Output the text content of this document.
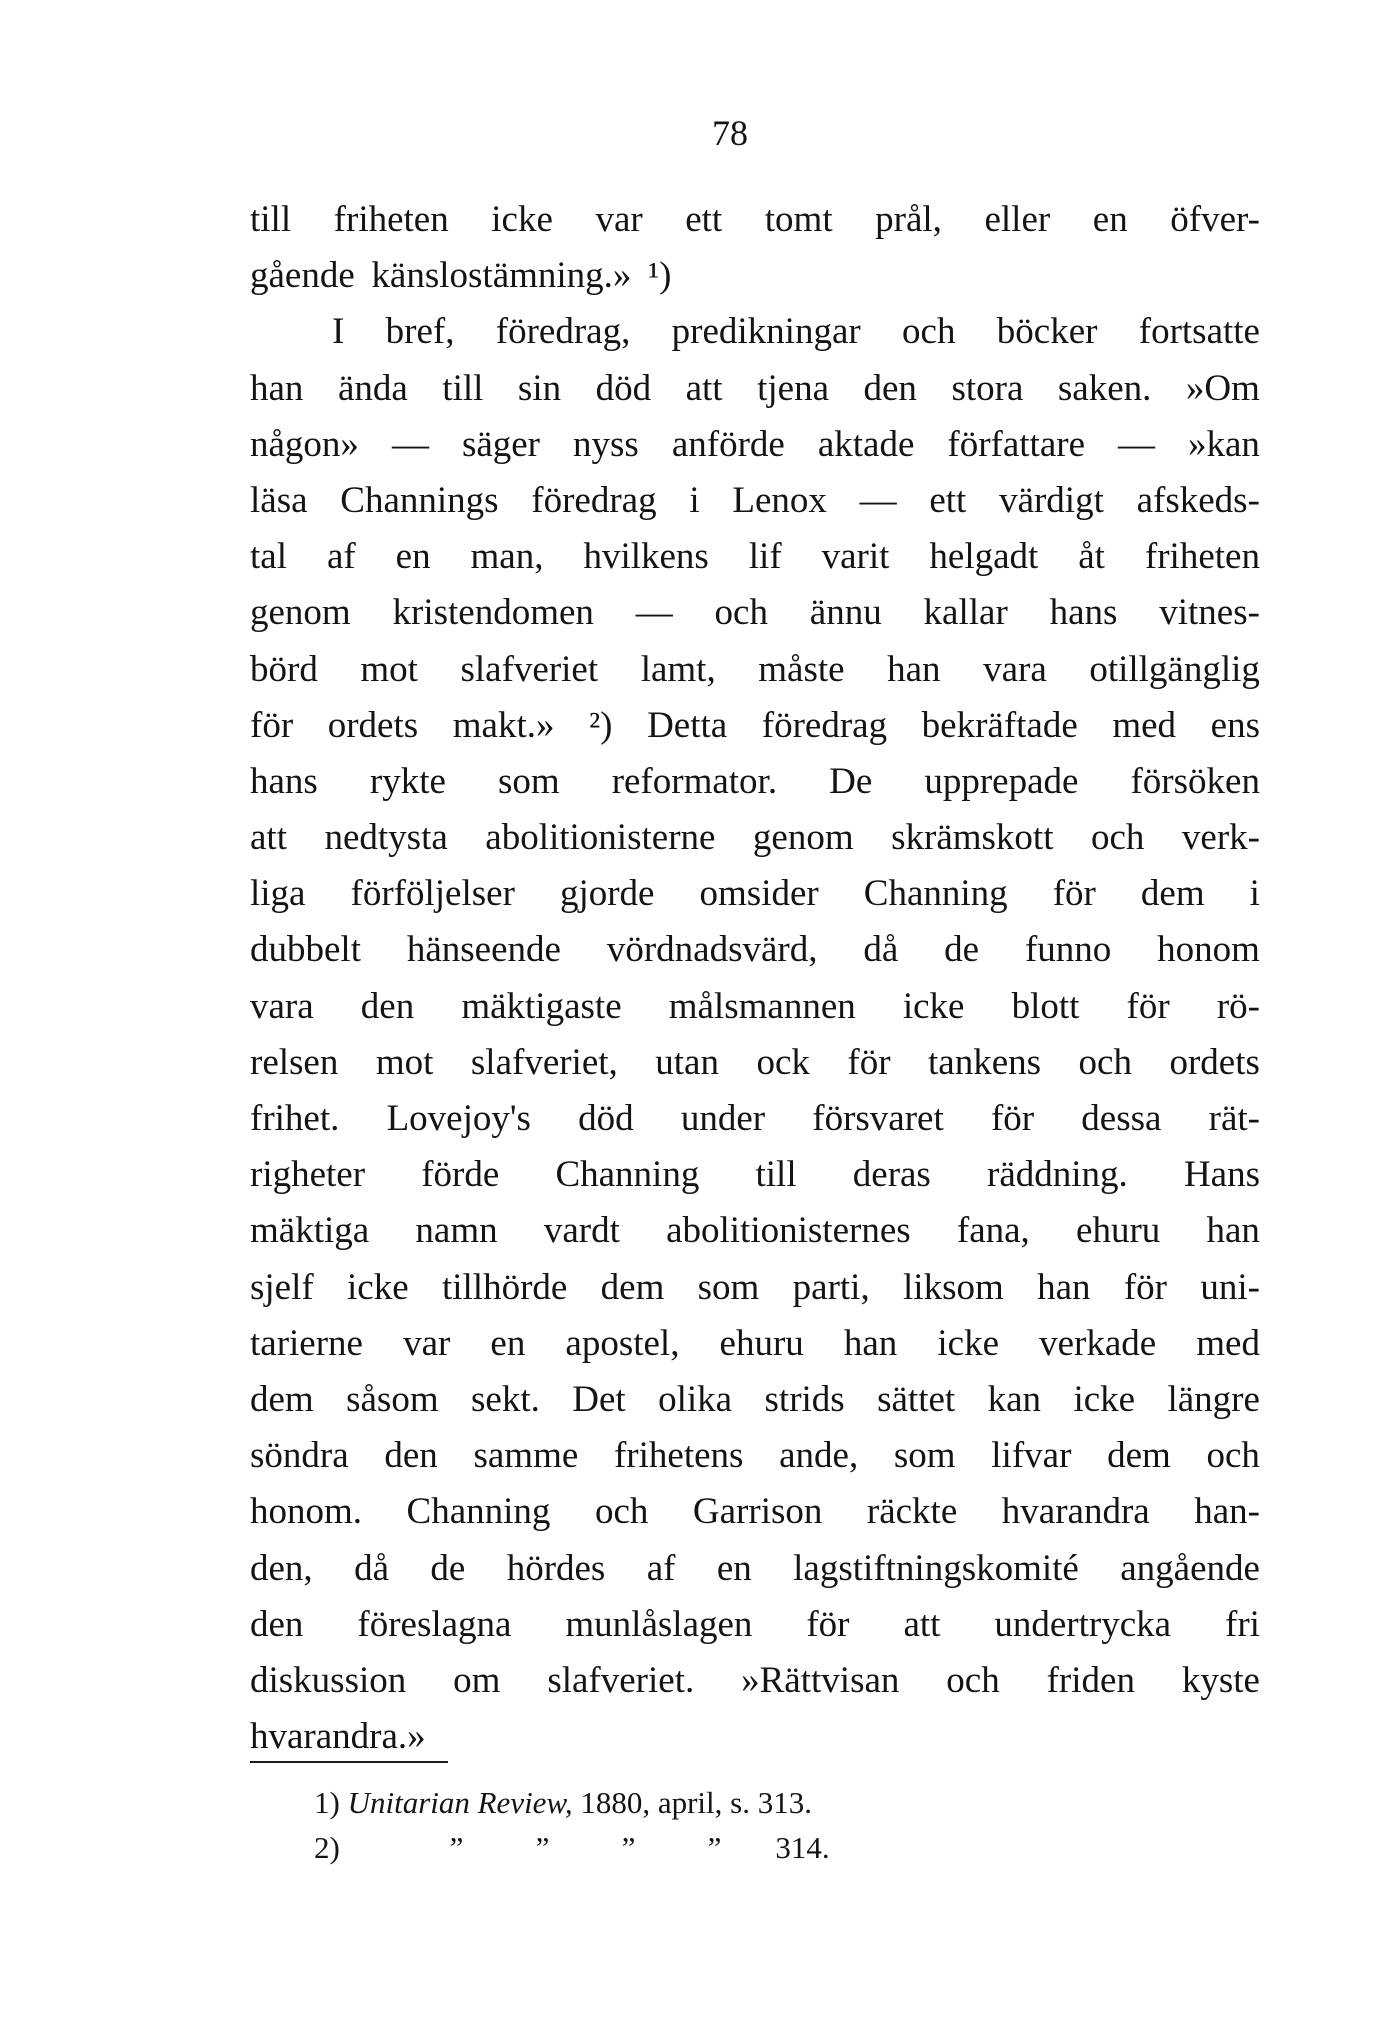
78
till friheten icke var ett tomt prål, eller en öfver-
gående känslostämning.» ¹)
I bref, föredrag, predikningar och böcker fortsatte
han ända till sin död att tjena den stora saken. »Om
någon» — säger nyss anförde aktade författare — »kan
läsa Channings föredrag i Lenox — ett värdigt afskeds-
tal af en man, hvilkens lif varit helgadt åt friheten
genom kristendomen — och ännu kallar hans vitnes-
börd mot slafveriet lamt, måste han vara otillgänglig
för ordets makt.» ²) Detta föredrag bekräftade med ens
hans rykte som reformator. De upprepade försöken
att nedtysta abolitionisterne genom skrämskott och verk-
liga förföljelser gjorde omsider Channing för dem i
dubbelt hänseende vördnadsvärd, då de funno honom
vara den mäktigaste målsmannen icke blott för rö-
relsen mot slafveriet, utan ock för tankens och ordets
frihet. Lovejoy's död under försvaret för dessa rät-
righeter förde Channing till deras räddning. Hans
mäktiga namn vardt abolitionisternes fana, ehuru han
sjelf icke tillhörde dem som parti, liksom han för uni-
tarierne var en apostel, ehuru han icke verkade med
dem såsom sekt. Det olika strids sättet kan icke längre
söndra den samme frihetens ande, som lifvar dem och
honom. Channing och Garrison räckte hvarandra han-
den, då de hördes af en lagstiftningskomité angående
den föreslagna munlåslagen för att undertrycka fri
diskussion om slafveriet. »Rättvisan och friden kyste
hvarandra.»
1) Unitarian Review, 1880, april, s. 313.
2)	” ” ” ” 314.
